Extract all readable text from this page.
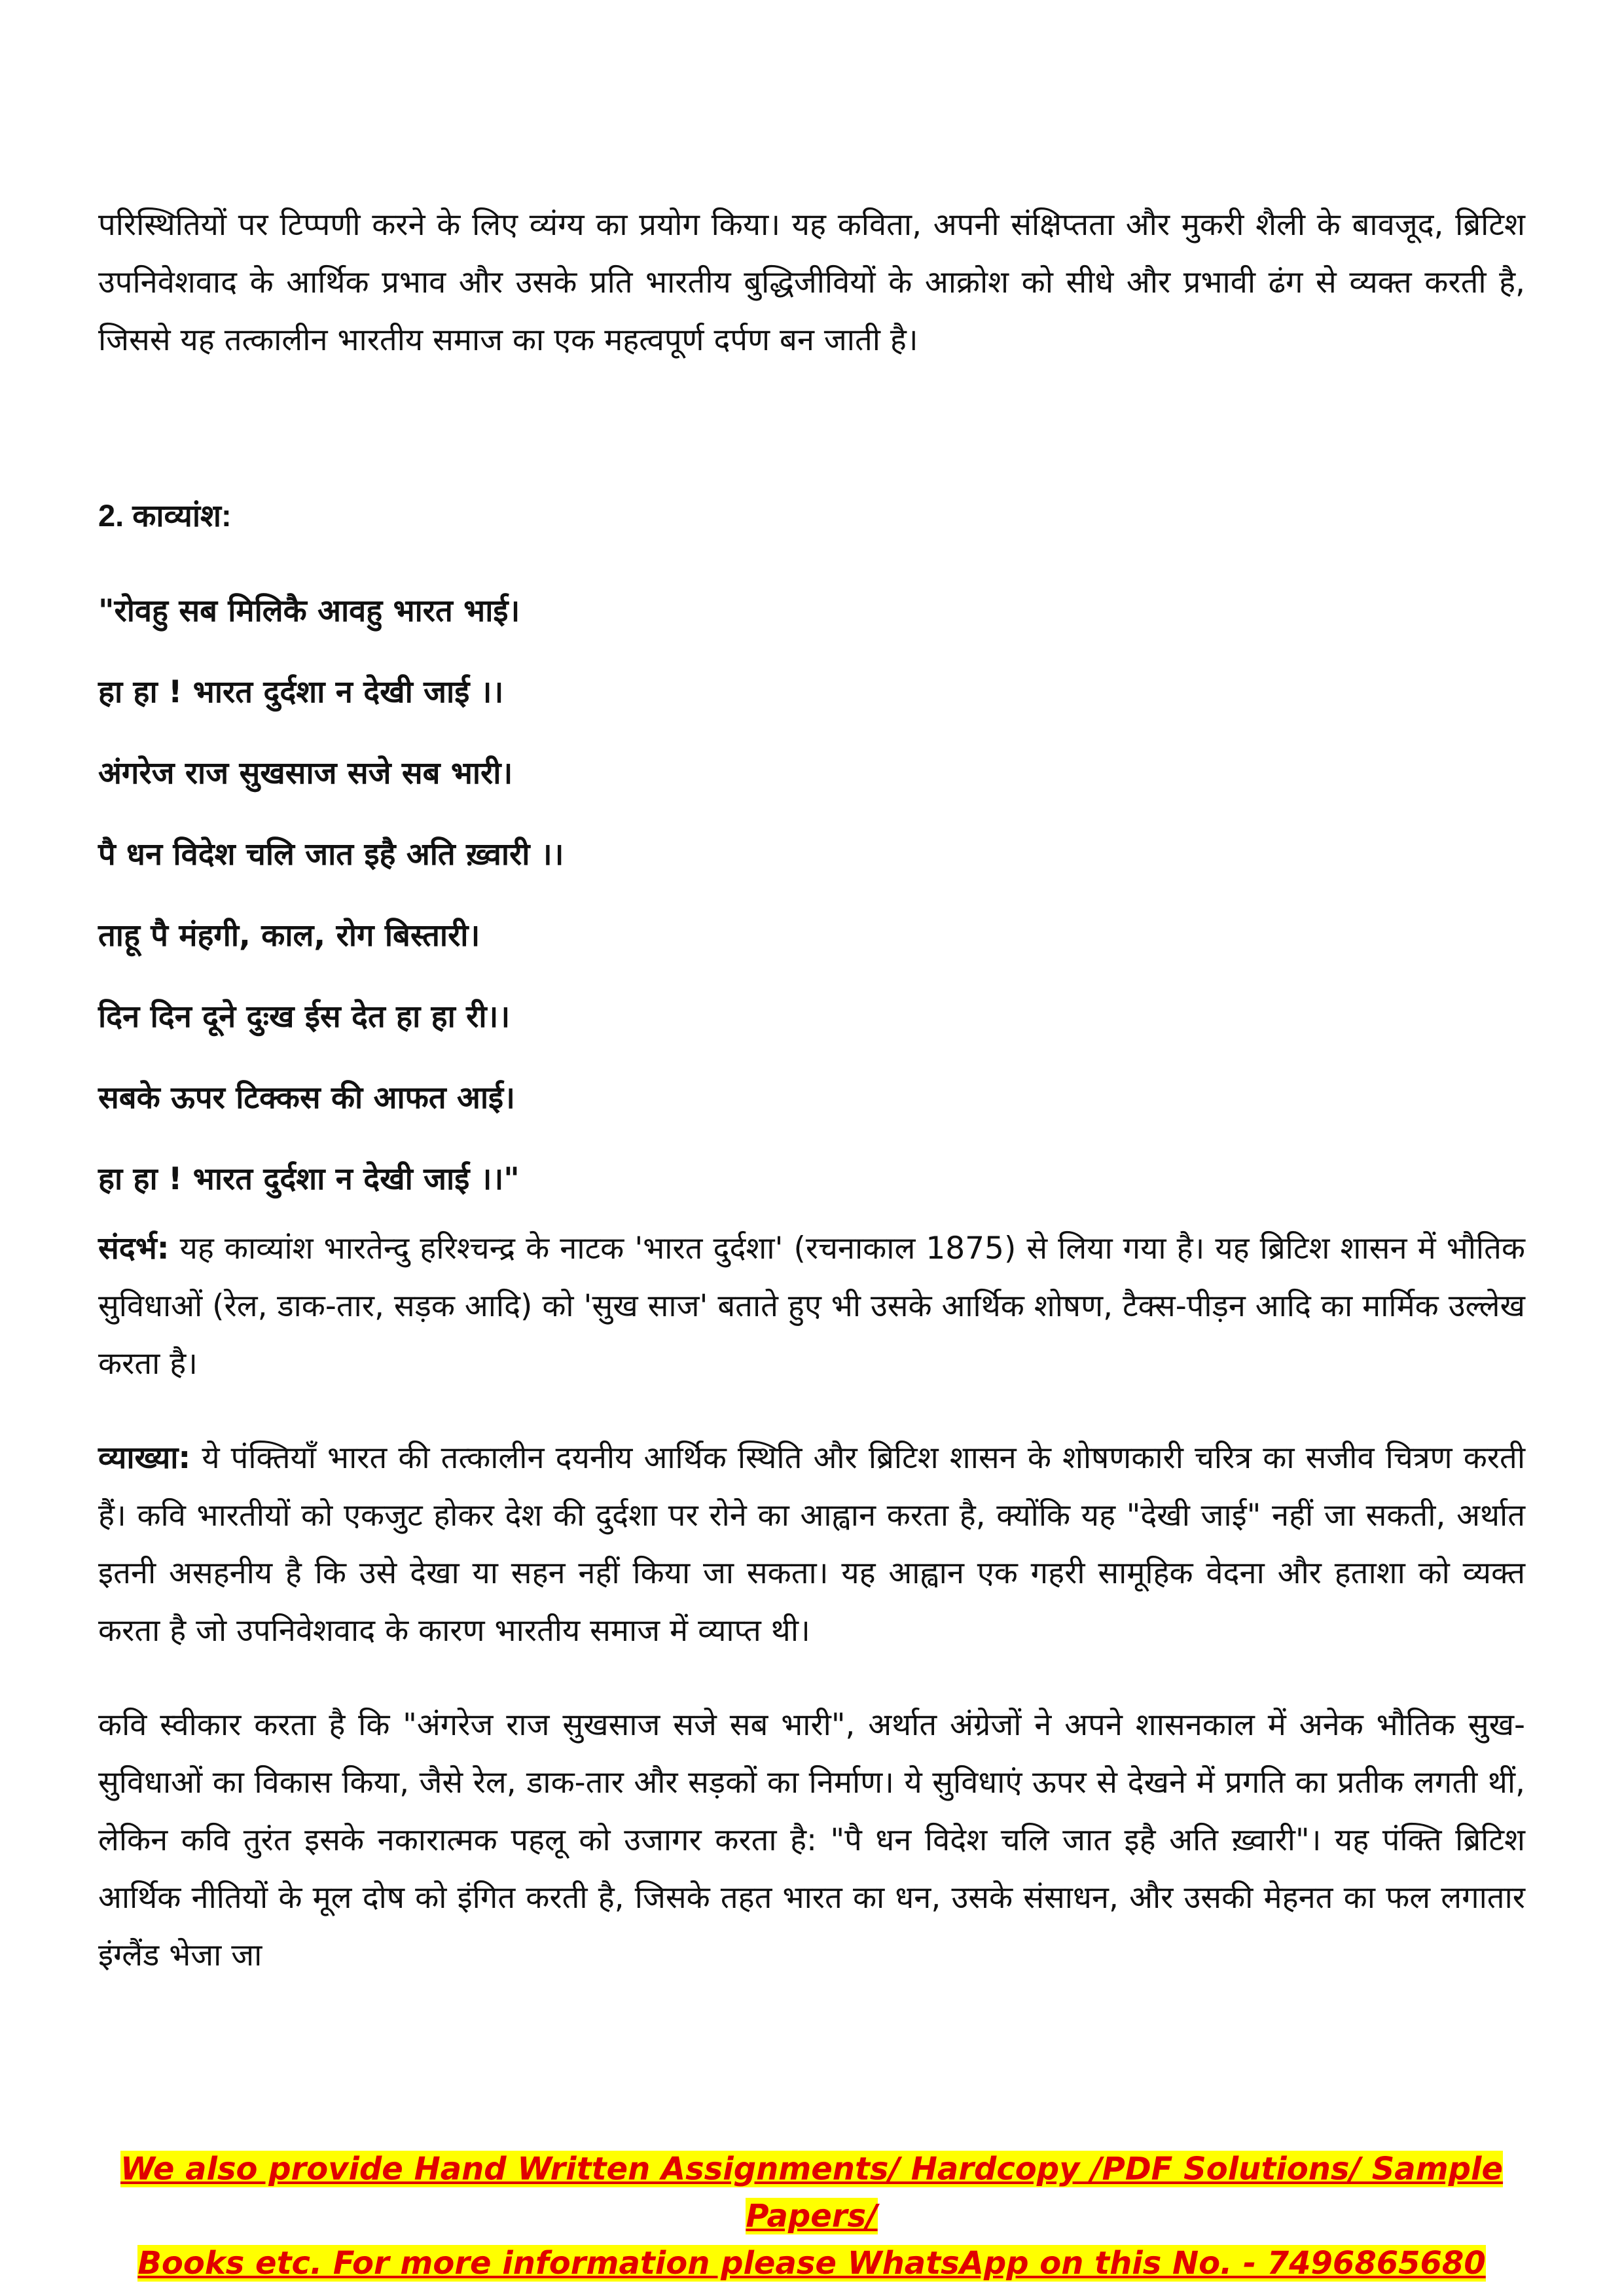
परिस्थितियों पर टिप्पणी करने के लिए व्यंग्य का प्रयोग किया। यह कविता, अपनी संक्षिप्तता और मुकरी शैली के बावजूद, ब्रिटिश उपनिवेशवाद के आर्थिक प्रभाव और उसके प्रति भारतीय बुद्धिजीवियों के आक्रोश को सीधे और प्रभावी ढंग से व्यक्त करती है, जिससे यह तत्कालीन भारतीय समाज का एक महत्वपूर्ण दर्पण बन जाती है।

2. काव्यांश:

"रोवहु सब मिलिकै आवहु भारत भाई।

हा हा ! भारत दुर्दशा न देखी जाई ।।

अंगरेज राज सुखसाज सजे सब भारी।

पै धन विदेश चलि जात इहै अति ख़्वारी ।।

ताहू पै मंहगी, काल, रोग बिस्तारी।

दिन दिन दूने दुःख ईस देत हा हा री।।

सबके ऊपर टिक्कस की आफत आई।

हा हा ! भारत दुर्दशा न देखी जाई ।।"

संदर्भ: यह काव्यांश भारतेन्दु हरिश्चन्द्र के नाटक 'भारत दुर्दशा' (रचनाकाल 1875) से लिया गया है। यह ब्रिटिश शासन में भौतिक सुविधाओं (रेल, डाक-तार, सड़क आदि) को 'सुख साज' बताते हुए भी उसके आर्थिक शोषण, टैक्स-पीड़न आदि का मार्मिक उल्लेख करता है।

व्याख्या: ये पंक्तियाँ भारत की तत्कालीन दयनीय आर्थिक स्थिति और ब्रिटिश शासन के शोषणकारी चरित्र का सजीव चित्रण करती हैं। कवि भारतीयों को एकजुट होकर देश की दुर्दशा पर रोने का आह्वान करता है, क्योंकि यह "देखी जाई" नहीं जा सकती, अर्थात इतनी असहनीय है कि उसे देखा या सहन नहीं किया जा सकता। यह आह्वान एक गहरी सामूहिक वेदना और हताशा को व्यक्त करता है जो उपनिवेशवाद के कारण भारतीय समाज में व्याप्त थी।

कवि स्वीकार करता है कि "अंगरेज राज सुखसाज सजे सब भारी", अर्थात अंग्रेजों ने अपने शासनकाल में अनेक भौतिक सुख-सुविधाओं का विकास किया, जैसे रेल, डाक-तार और सड़कों का निर्माण। ये सुविधाएं ऊपर से देखने में प्रगति का प्रतीक लगती थीं, लेकिन कवि तुरंत इसके नकारात्मक पहलू को उजागर करता है: "पै धन विदेश चलि जात इहै अति ख़्वारी"। यह पंक्ति ब्रिटिश आर्थिक नीतियों के मूल दोष को इंगित करती है, जिसके तहत भारत का धन, उसके संसाधन, और उसकी मेहनत का फल लगातार इंग्लैंड भेजा जा

We also provide Hand Written Assignments/ Hardcopy /PDF Solutions/ Sample Papers/
Books etc. For more information please WhatsApp on this No. - 7496865680
